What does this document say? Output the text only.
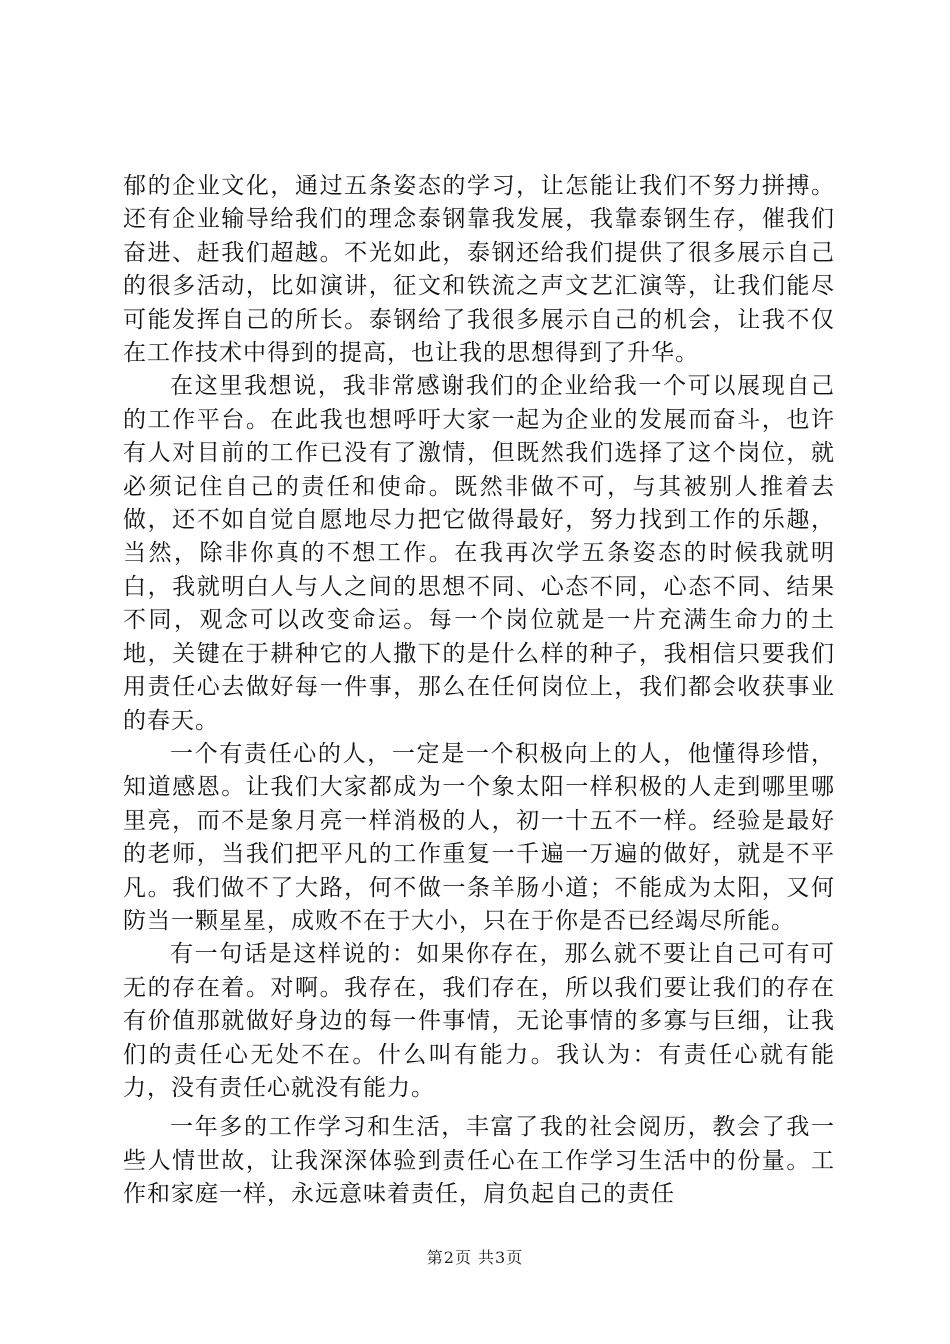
郁的企业文化，通过五条姿态的学习，让怎能让我们不努力拼搏。还有企业输导给我们的理念泰钢靠我发展，我靠泰钢生存，催我们奋进、赶我们超越。不光如此，泰钢还给我们提供了很多展示自己的很多活动，比如演讲，征文和铁流之声文艺汇演等，让我们能尽可能发挥自己的所长。泰钢给了我很多展示自己的机会，让我不仅在工作技术中得到的提高，也让我的思想得到了升华。

在这里我想说，我非常感谢我们的企业给我一个可以展现自己的工作平台。在此我也想呼吁大家一起为企业的发展而奋斗，也许有人对目前的工作已没有了激情，但既然我们选择了这个岗位，就必须记住自己的责任和使命。既然非做不可，与其被别人推着去做，还不如自觉自愿地尽力把它做得最好，努力找到工作的乐趣，当然，除非你真的不想工作。在我再次学五条姿态的时候我就明白，我就明白人与人之间的思想不同、心态不同，心态不同、结果不同，观念可以改变命运。每一个岗位就是一片充满生命力的土地，关键在于耕种它的人撒下的是什么样的种子，我相信只要我们用责任心去做好每一件事，那么在任何岗位上，我们都会收获事业的春天。

一个有责任心的人，一定是一个积极向上的人，他懂得珍惜，知道感恩。让我们大家都成为一个象太阳一样积极的人走到哪里哪里亮，而不是象月亮一样消极的人，初一十五不一样。经验是最好的老师，当我们把平凡的工作重复一千遍一万遍的做好，就是不平凡。我们做不了大路，何不做一条羊肠小道；不能成为太阳，又何防当一颗星星，成败不在于大小，只在于你是否已经竭尽所能。

有一句话是这样说的：如果你存在，那么就不要让自己可有可无的存在着。对啊。我存在，我们存在，所以我们要让我们的存在有价值那就做好身边的每一件事情，无论事情的多寡与巨细，让我们的责任心无处不在。什么叫有能力。我认为：有责任心就有能力，没有责任心就没有能力。

一年多的工作学习和生活，丰富了我的社会阅历，教会了我一些人情世故，让我深深体验到责任心在工作学习生活中的份量。工作和家庭一样，永远意味着责任，肩负起自己的责任

第2页 共3页
